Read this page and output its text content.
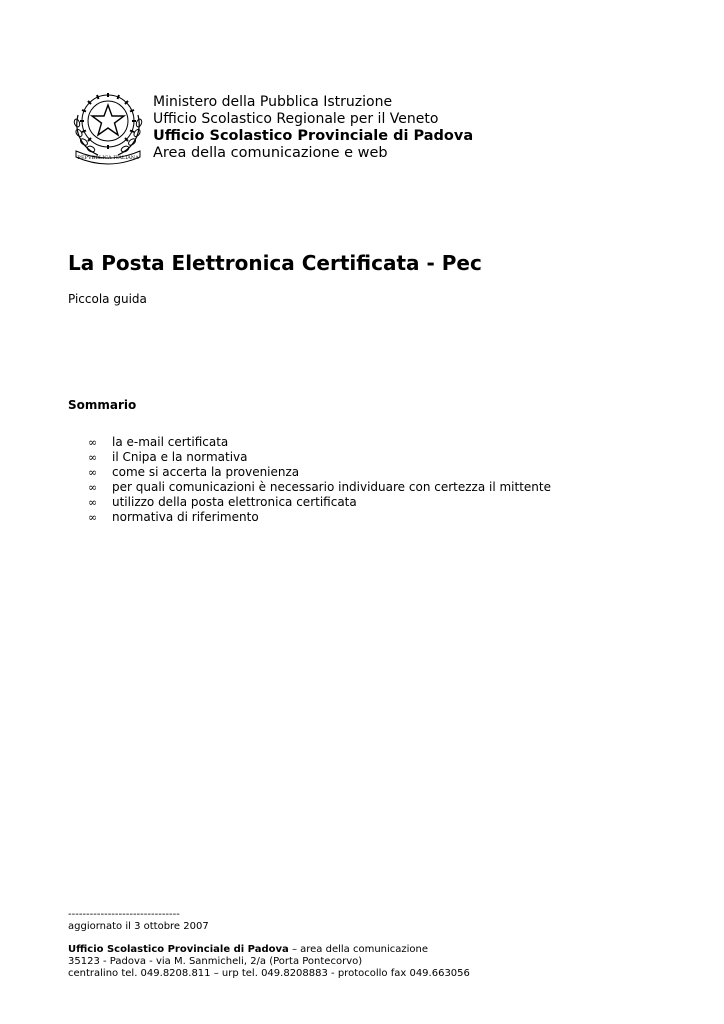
REPVBBLICA ITALIANA
Ministero della Pubblica Istruzione
Ufficio Scolastico Regionale per il Veneto
Ufficio Scolastico Provinciale di Padova
Area della comunicazione e web
La Posta Elettronica Certificata - Pec
Piccola guida
Sommario
∞	la e-mail certificata
∞	il Cnipa e la normativa
∞	come si accerta la provenienza
∞	per quali comunicazioni è necessario individuare con certezza il mittente
∞	utilizzo della posta elettronica certificata
∞	normativa di riferimento
-------------------------------
aggiornato il 3 ottobre 2007
Ufficio Scolastico Provinciale di Padova – area della comunicazione
35123 - Padova - via M. Sanmicheli, 2/a (Porta Pontecorvo)
centralino tel. 049.8208.811 – urp tel. 049.8208883 - protocollo fax 049.663056
